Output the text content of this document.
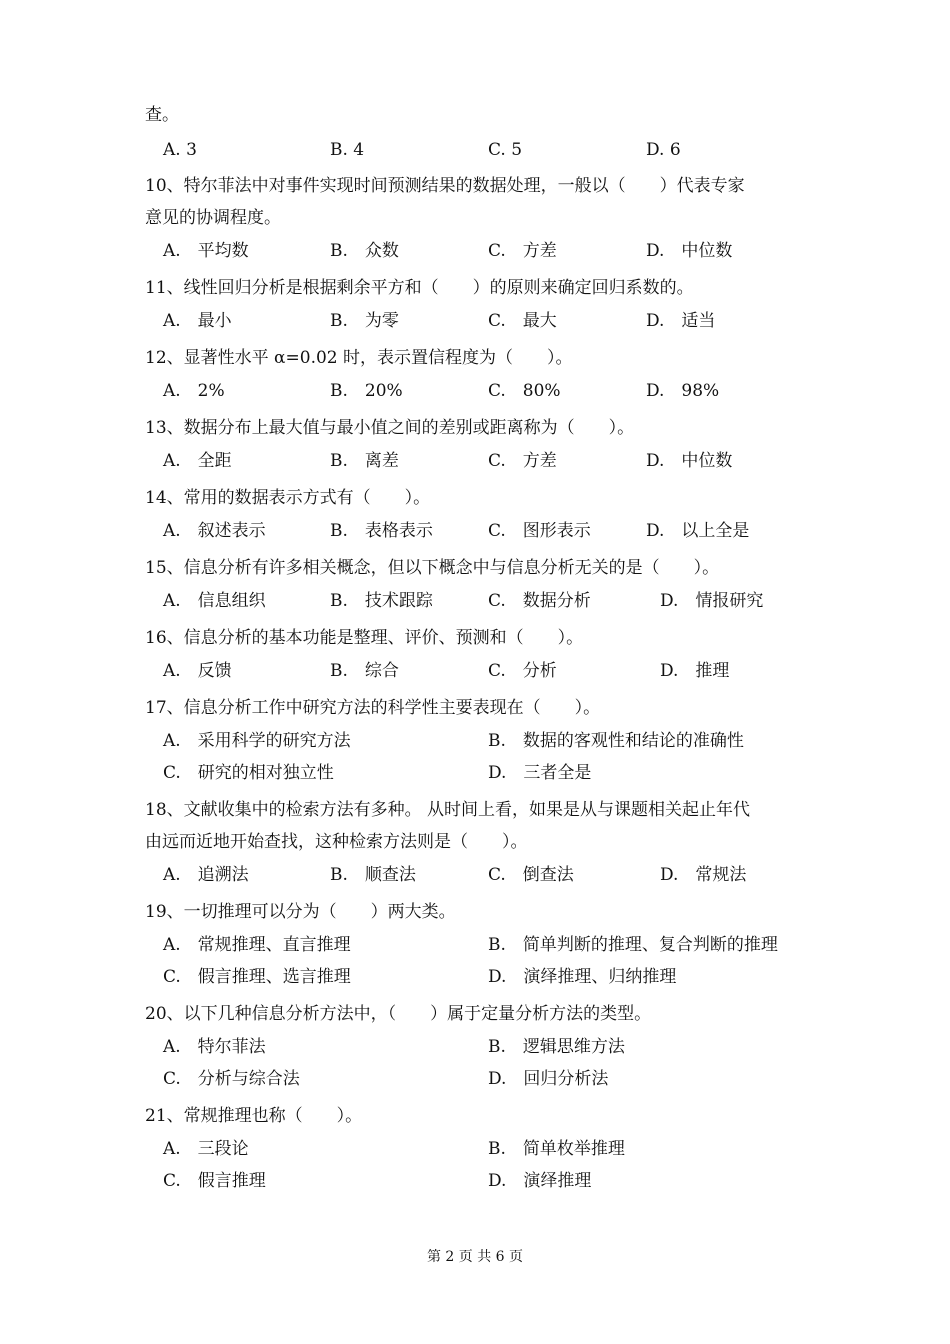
查。
A. 3	B. 4	C. 5	D. 6
10、特尔菲法中对事件实现时间预测结果的数据处理，一般以（　　）代表专家
意见的协调程度。
A.　平均数	B.　众数	C.　方差	D.　中位数
11、线性回归分析是根据剩余平方和（　　）的原则来确定回归系数的。
A.　最小	B.　为零	C.　最大	D.　适当
12、显著性水平 α=0.02 时，表示置信程度为（　　）。
A.　2%	B.　20%	C.　80%	D.　98%
13、数据分布上最大值与最小值之间的差别或距离称为（　　）。
A.　全距	B.　离差	C.　方差	D.　中位数
14、常用的数据表示方式有（　　）。
A.　叙述表示	B.　表格表示	C.　图形表示	D.　以上全是
15、信息分析有许多相关概念，但以下概念中与信息分析无关的是（　　）。
A.　信息组织	B.　技术跟踪	C.　数据分析	D.　情报研究
16、信息分析的基本功能是整理、评价、预测和（　　）。
A.　反馈	B.　综合	C.　分析	D.　推理
17、信息分析工作中研究方法的科学性主要表现在（　　）。
A.　采用科学的研究方法	B.　数据的客观性和结论的准确性
C.　研究的相对独立性	D.　三者全是
18、文献收集中的检索方法有多种。 从时间上看，如果是从与课题相关起止年代
由远而近地开始查找，这种检索方法则是（　　）。
A.　追溯法	B.　顺查法	C.　倒查法	D.　常规法
19、一切推理可以分为（　　）两大类。
A.　常规推理、直言推理	B.　简单判断的推理、复合判断的推理
C.　假言推理、选言推理	D.　演绎推理、归纳推理
20、以下几种信息分析方法中，（　　）属于定量分析方法的类型。
A.　特尔菲法	B.　逻辑思维方法
C.　分析与综合法	D.　回归分析法
21、常规推理也称（　　）。
A.　三段论	B.　简单枚举推理
C.　假言推理	D.　演绎推理
第 2 页 共 6 页
